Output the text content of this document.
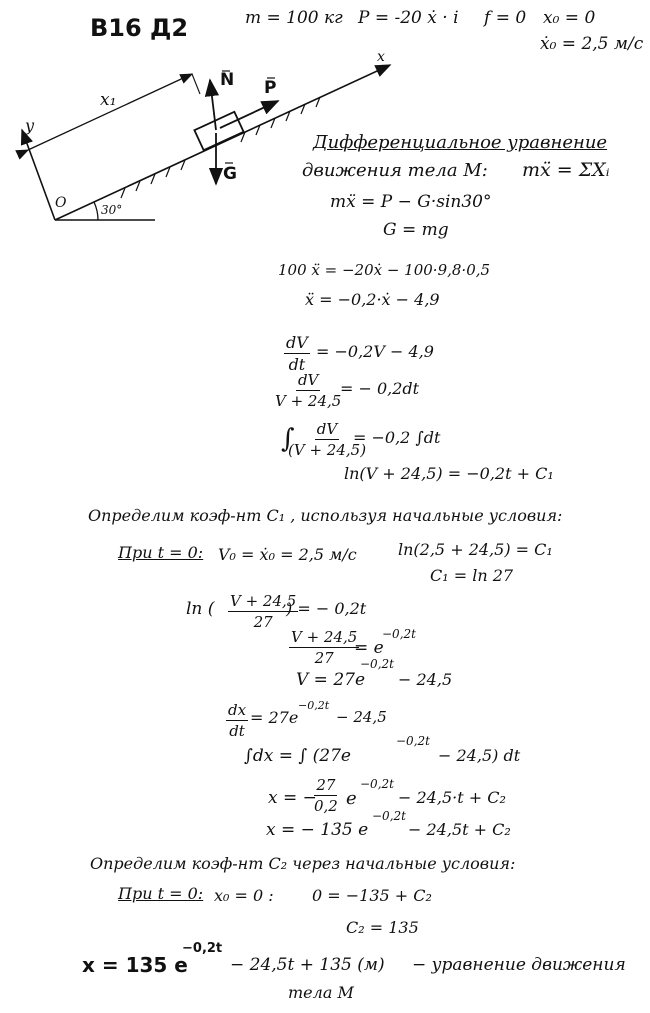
В16 Д2	m = 100 кг P = -20 ẋ · i f = 0 x₀ = 0
ẋ₀ = 2,5 м/с
N P
G
x₁
y
x
O	30°
Дифференциальное уравнение
движения тела M: mẍ = ΣXᵢ
mẍ = P − G·sin30°
G = mg
100 ẍ = −20ẋ − 100·9,8·0,5
ẍ = −0,2·ẋ − 4,9
$\frac{dV}{dt} = -0,2V - 4,9$
$\frac{dV}{V + 24,5}$
= − 0,2dt
∫
$\frac{dV}{(V + 24,5)}$
= −0,2 ∫dt
ln(V + 24,5) = −0,2t + C₁
Определим коэф-нт C₁ , используя начальные условия:
При t = 0: V₀ = ẋ₀ = 2,5 м/с	ln(2,5 + 24,5) = C₁
C₁ = ln 27
ln ( $\frac{V + 24,5}{27}$
) = − 0,2t
$\frac{V + 24,5}{27}$
= e
−0,2t
V = 27e
−0,2t
− 24,5
$\frac{dx}{dt} = 27e$
−0,2t
− 24,5
∫dx = ∫ (27e
−0,2t
− 24,5) dt
x = −
$\frac{27}{0,2}$ e
−0,2t
− 24,5·t + C₂
x = − 135 e
−0,2t
− 24,5t + C₂
Определим коэф-нт C₂ через начальные условия:
При t = 0: x₀ = 0 : 0 = −135 + C₂
C₂ = 135
x = 135 e
−0,2t
− 24,5t + 135 (м) − уравнение движения
тела M
